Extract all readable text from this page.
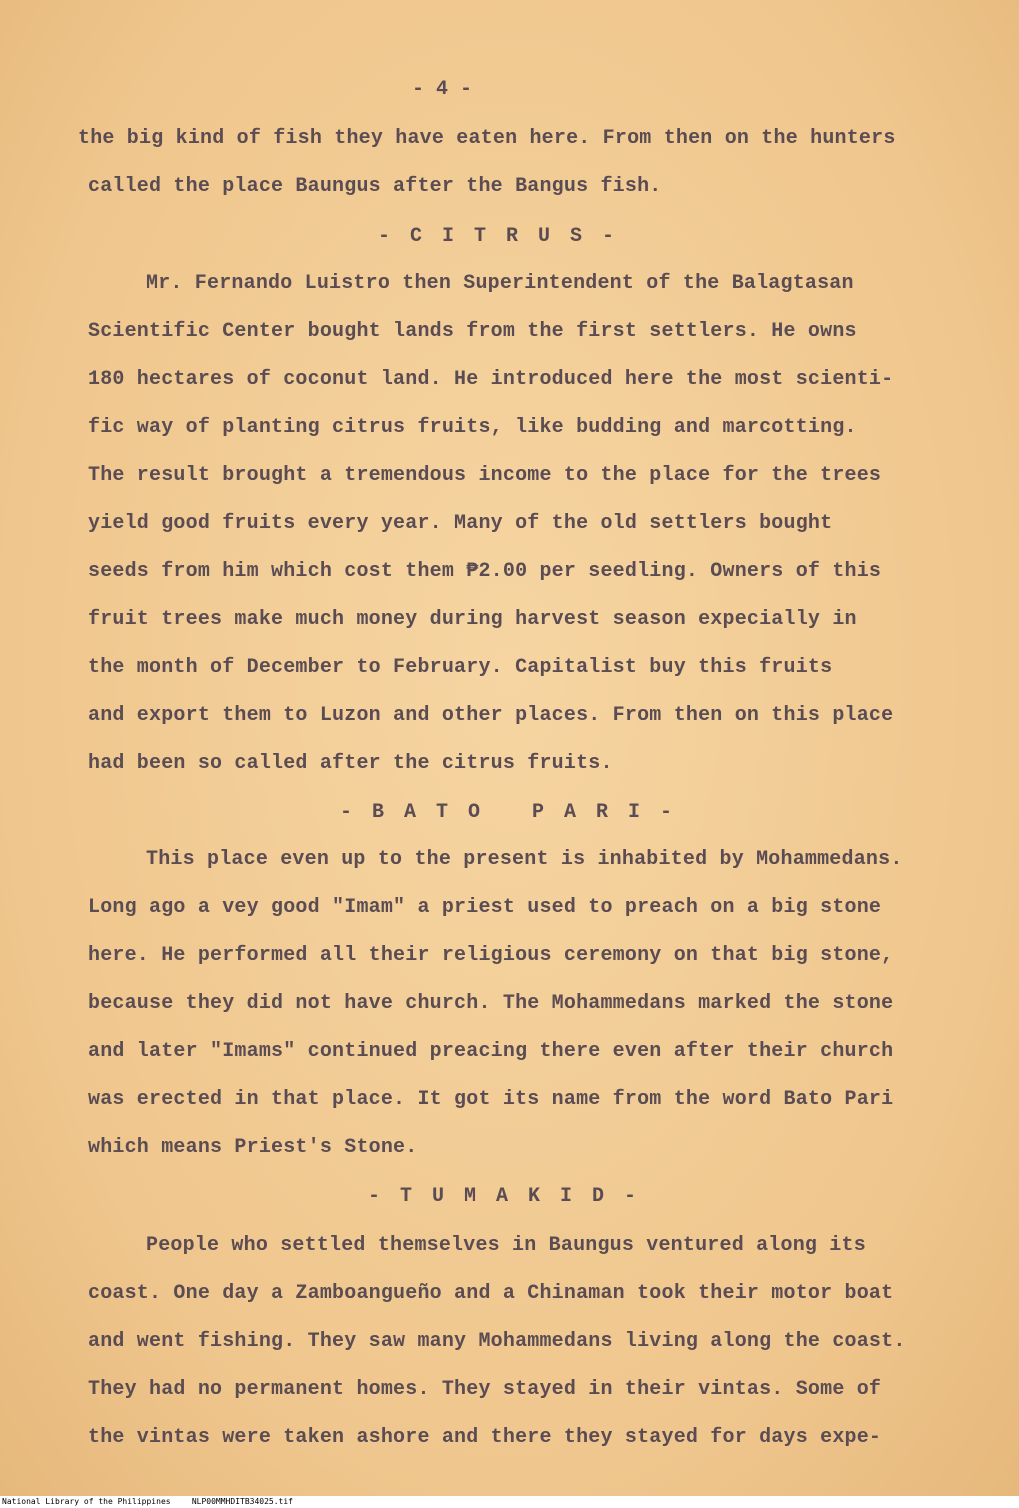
- 4 -
the big kind of fish they have eaten here. From then on the hunters
called the place Baungus after the Bangus fish.
- C I T R U S -
Mr. Fernando Luistro then Superintendent of the Balagtasan
Scientific Center bought lands from the first settlers. He owns
180 hectares of coconut land. He introduced here the most scienti-
fic way of planting citrus fruits, like budding and marcotting.
The result brought a tremendous income to the place for the trees
yield good fruits every year. Many of the old settlers bought
seeds from him which cost them ₱2.00 per seedling. Owners of this
fruit trees make much money during harvest season expecially in
the month of December to February. Capitalist buy this fruits
and export them to Luzon and other places. From then on this place
had been so called after the citrus fruits.
- B A T O   P A R I -
This place even up to the present is inhabited by Mohammedans.
Long ago a vey good "Imam" a priest used to preach on a big stone
here. He performed all their religious ceremony on that big stone,
because they did not have church. The Mohammedans marked the stone
and later "Imams" continued preacing there even after their church
was erected in that place. It got its name from the word Bato Pari
which means Priest's Stone.
- T U M A K I D -
People who settled themselves in Baungus ventured along its
coast. One day a Zamboangueño and a Chinaman took their motor boat
and went fishing. They saw many Mohammedans living along the coast.
They had no permanent homes. They stayed in their vintas. Some of
the vintas were taken ashore and there they stayed for days expe-
National Library of the Philippines	NLP00MMHDITB34025.tif
